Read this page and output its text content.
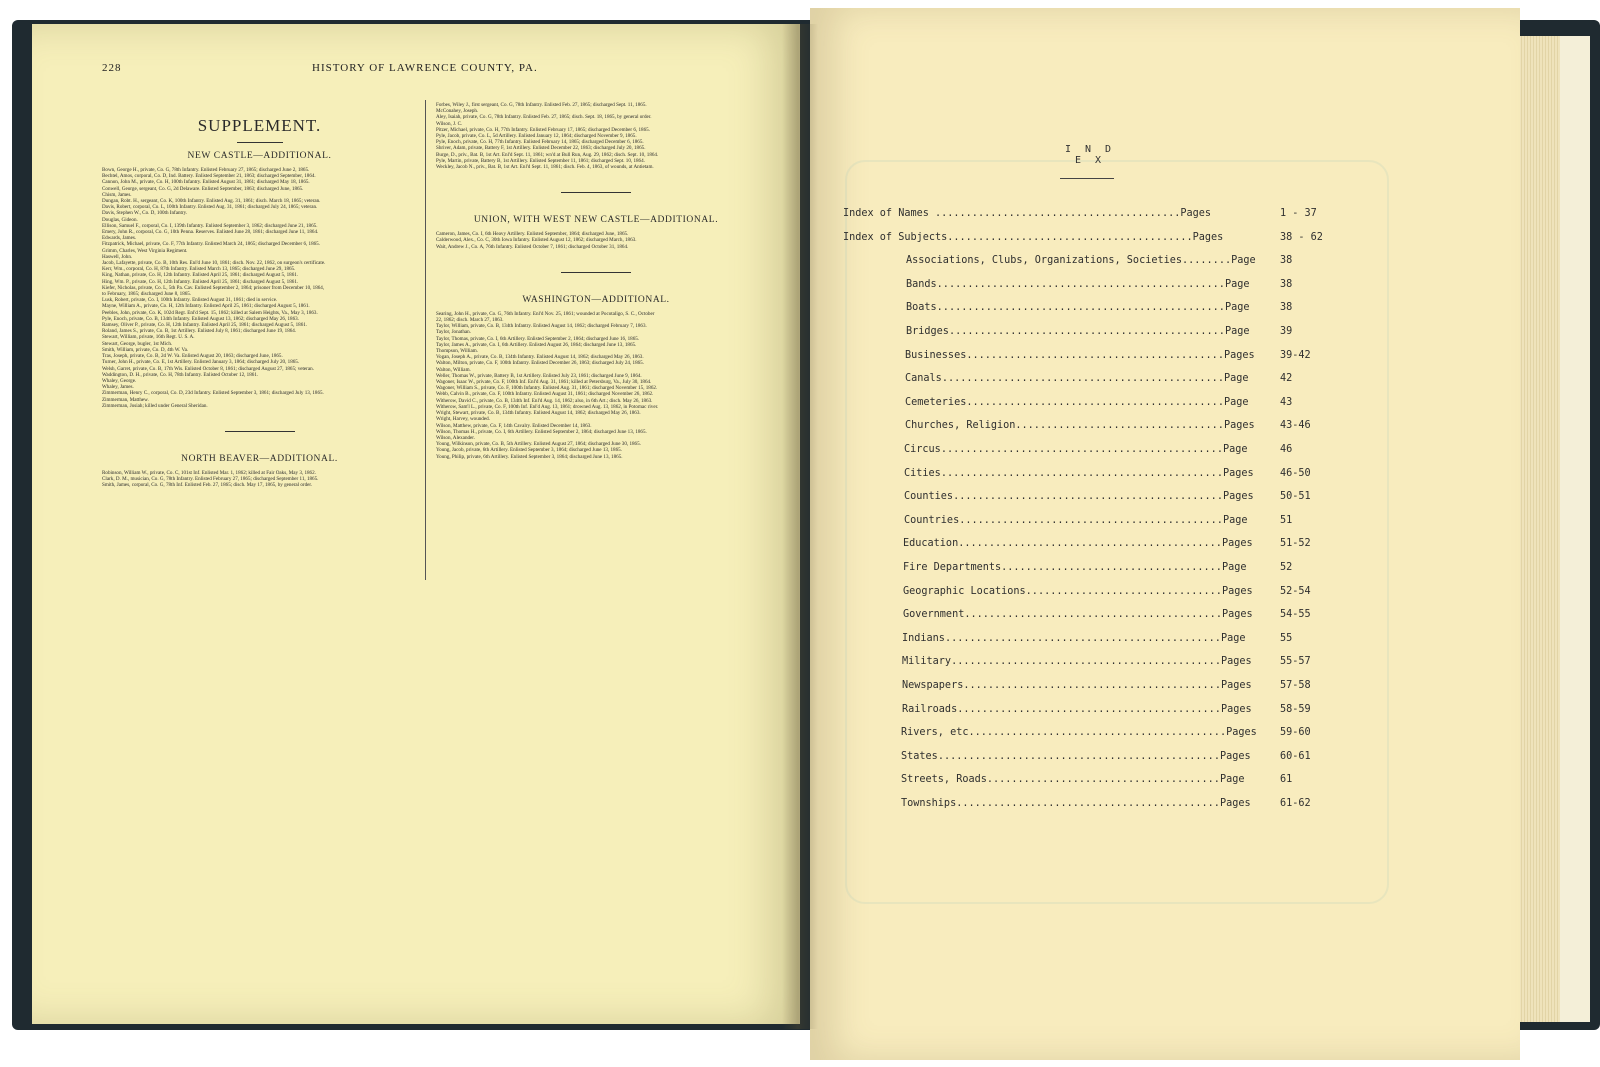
228	HISTORY OF LAWRENCE COUNTY, PA.
SUPPLEMENT.
NEW CASTLE—ADDITIONAL.
Bown, George H., private, Co. G, 78th Infantry. Enlisted February 27, 1865; discharged June 2, 1865.
Bechtel, Amos, corporal, Co. D, Ind. Battery. Enlisted September 21, 1863; discharged September, 1864.
Cannon, John M., private, Co. H, 100th Infantry. Enlisted August 31, 1861; discharged May 18, 1865.
Conwell, George, sergeant, Co. G, 2d Delaware. Enlisted September, 1863; discharged June, 1865.
Chism, James.
Dungan, Robt. H., sergeant, Co. K, 100th Infantry. Enlisted Aug. 31, 1861; disch. March 18, 1865; veteran.
Davis, Robert, corporal, Co. L, 100th Infantry. Enlisted Aug. 31, 1861; discharged July 24, 1865; veteran.
Davis, Stephen W., Co. D, 100th Infantry.
Douglas, Gideon.
Ellison, Samuel F., corporal, Co. I, 139th Infantry. Enlisted September 3, 1862; discharged June 21, 1865.
Emery, John R., corporal, Co. G, 10th Penna. Reserves. Enlisted June 28, 1861; discharged June 11, 1864.
Edwards, James.
Fitzpatrick, Michael, private, Co. F, 77th Infantry. Enlisted March 24, 1865; discharged December 6, 1865.
Grimm, Charles, West Virginia Regiment.
Haswell, John.
Jacob, Lafayette, private, Co. B, 10th Res. Enl'd June 10, 1861; disch. Nov. 22, 1862, on surgeon's certificate.
Kerr, Wm., corporal, Co. H, 87th Infantry. Enlisted March 13, 1865; discharged June 29, 1865.
King, Nathan, private, Co. H, 12th Infantry. Enlisted April 25, 1861; discharged August 5, 1861.
Hing, Wm. P., private, Co. H, 12th Infantry. Enlisted April 25, 1861; discharged August 5, 1861.
Kiefer, Nicholas, private, Co. L, 5th Pa. Cav. Enlisted September 2, 1864; prisoner from December 10, 1864,
to February, 1865; discharged June 8, 1865.
Lusk, Robert, private, Co. I, 100th Infantry. Enlisted August 31, 1861; died in service.
Mayne, William A., private, Co. H, 12th Infantry. Enlisted April 25, 1861; discharged August 5, 1861.
Peebles, John, private, Co. K, 102d Regt. Enl'd Sept. 15, 1862; killed at Salem Heights, Va., May 3, 1863.
Pyle, Enoch, private, Co. B, 134th Infantry. Enlisted August 13, 1862; discharged May 26, 1863.
Ramsey, Oliver P., private, Co. H, 12th Infantry. Enlisted April 25, 1861; discharged August 5, 1861.
Roland, James S., private, Co. B, 1st Artillery. Enlisted July 8, 1861; discharged June 19, 1864.
Stewart, William, private, 16th Regt. U. S. A.
Stewart, George, bugler, 1st Mich.
Smith, William, private, Co. D, 4th W. Va.
Tras, Joseph, private, Co. B, 2d W. Va. Enlisted August 20, 1863; discharged June, 1865.
Turner, John H., private, Co. E, 1st Artillery. Enlisted January 3, 1864; discharged July 20, 1865.
Welsh, Garret, private, Co. B, 17th Wis. Enlisted October 8, 1861; discharged August 27, 1865; veteran.
Waddington, D. H., private, Co. H, 78th Infantry. Enlisted October 12, 1861.
Whaley, George.
Whaley, James.
Zimmerman, Henry C., corporal, Co. D, 23d Infantry. Enlisted September 3, 1861; discharged July 13, 1865.
Zimmerman, Matthew.
Zimmerman, Josiah; killed under General Sheridan.
NORTH BEAVER—ADDITIONAL.
Robinson, William W., private, Co. C, 101st Inf. Enlisted Mar. 1, 1862; killed at Fair Oaks, May 3, 1862.
Clark, D. M., musician, Co. G, 78th Infantry. Enlisted February 27, 1865; discharged September 11, 1865.
Smith, James, corporal, Co. G, 78th Inf. Enlisted Feb. 27, 1865; disch. May 17, 1865, by general order.
Forbes, Wiley J., first sergeant, Co. G, 78th Infantry. Enlisted Feb. 27, 1865; discharged Sept. 11, 1865.
McConahey, Joseph.
Aley, Isaiah, private, Co. G, 78th Infantry. Enlisted Feb. 27, 1865; disch. Sept. 18, 1865, by general order.
Wilson, J. C.
Pitzer, Michael, private, Co. H, 77th Infantry. Enlisted February 17, 1865; discharged December 6, 1865.
Pyle, Jacob, private, Co. L, 5d Artillery. Enlisted January 12, 1864; discharged November 9, 1865.
Pyle, Enoch, private, Co. H, 77th Infantry. Enlisted February 14, 1865; discharged December 6, 1865.
Shriver, Adam, private, Battery F, 1st Artillery. Enlisted December 22, 1863; discharged July 20, 1865.
Burge, D., priv., Bat. B, 1st Art. Enl'd Sept. 11, 1861; wn'd at Bull Run, Aug. 29, 1862; disch. Sept. 10, 1864.
Pyle, Martin, private, Battery B, 1st Artillery. Enlisted September 11, 1861; discharged Sept. 10, 1864.
Weckley, Jacob N., priv., Bat. B, 1st Art. Enl'd Sept. 11, 1861; disch. Feb. 4, 1863, of wounds, at Antietam.
UNION, WITH WEST NEW CASTLE—ADDITIONAL.
Cameron, James, Co. I, 6th Heavy Artillery. Enlisted September, 1864; discharged June, 1865.
Calderwood, Alex., Co. C, 30th Iowa Infantry. Enlisted August 12, 1862; discharged March, 1863.
Wait, Andrew J., Co. A, 76th Infantry. Enlisted October 7, 1861; discharged October 31, 1864.
WASHINGTON—ADDITIONAL.
Searing, John H., private, Co. G, 76th Infantry. Enl'd Nov. 25, 1861; wounded at Pocotaligo, S. C., October
22, 1862; disch. March 27, 1863.
Taylor, William, private, Co. B, 134th Infantry. Enlisted August 14, 1862; discharged February 7, 1863.
Taylor, Jonathan.
Taylor, Thomas, private, Co. I, 6th Artillery. Enlisted September 2, 1864; discharged June 16, 1865.
Taylor, James A., private, Co. I, 6th Artillery. Enlisted August 26, 1864; discharged June 13, 1865.
Thompson, William.
Vogan, Joseph A., private, Co. B, 134th Infantry. Enlisted August 14, 1862; discharged May 26, 1863.
Walton, Milton, private, Co. F, 100th Infantry. Enlisted December 26, 1863; discharged July 24, 1865.
Walton, William.
Weller, Thomas W., private, Battery B, 1st Artillery. Enlisted July 23, 1861; discharged June 9, 1864.
Wagoner, Isaac W., private, Co. F, 100th Inf. Enl'd Aug. 31, 1861; killed at Petersburg, Va., July 30, 1864.
Wagoner, William S., private, Co. F, 100th Infantry. Enlisted Aug. 31, 1861; discharged November 15, 1862.
Webb, Calvin B., private, Co. F, 100th Infantry. Enlisted August 31, 1861; discharged November 26, 1862.
Witherow, David C., private, Co. B, 134th Inf. Enl'd Aug. 14, 1862; also, in 6th Art.; disch. May 26, 1863.
Witherow, Sam'l L., private, Co. F, 100th Inf. Enl'd Aug. 13, 1861; drowned Aug. 13, 1862, in Potomac river.
Wright, Stewart, private, Co. B, 134th Infantry. Enlisted August 14, 1862; discharged May 26, 1863.
Wright, Harvey, wounded.
Wilson, Matthew, private, Co. F, 14th Cavalry. Enlisted December 14, 1863.
Wilson, Thomas H., private, Co. I, 6th Artillery. Enlisted September 2, 1864; discharged June 13, 1865.
Wilson, Alexander.
Young, Wilkinson, private, Co. B, 5th Artillery. Enlisted August 27, 1864; discharged June 30, 1865.
Young, Jacob, private, 6th Artillery. Enlisted September 3, 1864; discharged June 13, 1865.
Young, Philip, private, 6th Artillery. Enlisted September 3, 1864; discharged June 13, 1865.
I N D E X
Index of Names ........................................Pages	1 - 37
Index of Subjects........................................Pages	38 - 62
Associations, Clubs, Organizations, Societies........Page 38
Bands...............................................Page	38
Boats...............................................Page	38
Bridges.............................................Page	39
Businesses..........................................Pages 39-42
Canals..............................................Page	42
Cemeteries..........................................Page	43
Churches, Religion..................................Pages 43-46
Circus..............................................Page	46
Cities..............................................Pages	46-50
Counties............................................Pages	50-51
Countries...........................................Page	51
Education...........................................Pages	51-52
Fire Departments....................................Page	52
Geographic Locations................................Pages	52-54
Government..........................................Pages	54-55
Indians.............................................Page	55
Military............................................Pages	55-57
Newspapers..........................................Pages	57-58
Railroads...........................................Pages	58-59
Rivers, etc..........................................Pages 59-60
States..............................................Pages	60-61
Streets, Roads......................................Page	61
Townships...........................................Pages	61-62
